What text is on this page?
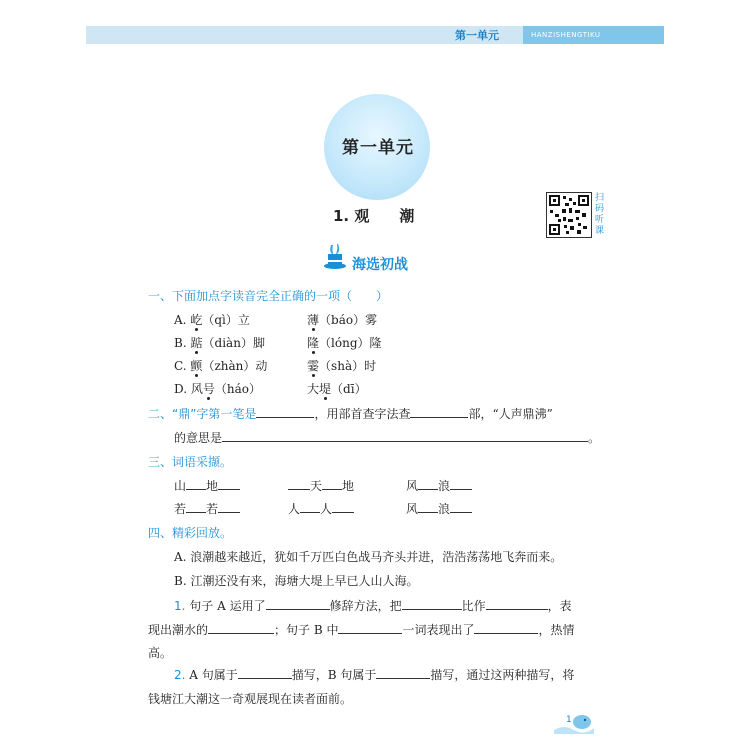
第一单元	HANZISHENGTIKU
第一单元
1. 观　　潮
扫码听课
海选初战
一、下面加点字读音完全正确的一项（　　）
A. 屹（qì）立	薄（báo）雾
B. 踮（diàn）脚	隆（lóng）隆
C. 颤（zhàn）动	霎（shà）时
D. 风号（háo）	大堤（dī）
二、“鼎”字第一笔是	，用部首查字法查	部，“人声鼎沸”
的意思是	。
三、词语采撷。
山 地	天 地	风 浪
若 若	人 人	风 浪
四、精彩回放。
A. 浪潮越来越近，犹如千万匹白色战马齐头并进，浩浩荡荡地飞奔而来。
B. 江潮还没有来，海塘大堤上早已人山人海。
1. 句子 A 运用了	修辞方法，把	比作	，表
现出潮水的	；句子 B 中	一词表现出了	，热情
高。
2. A 句属于	描写，B 句属于	描写，通过这两种描写，将
钱塘江大潮这一奇观展现在读者面前。
1
